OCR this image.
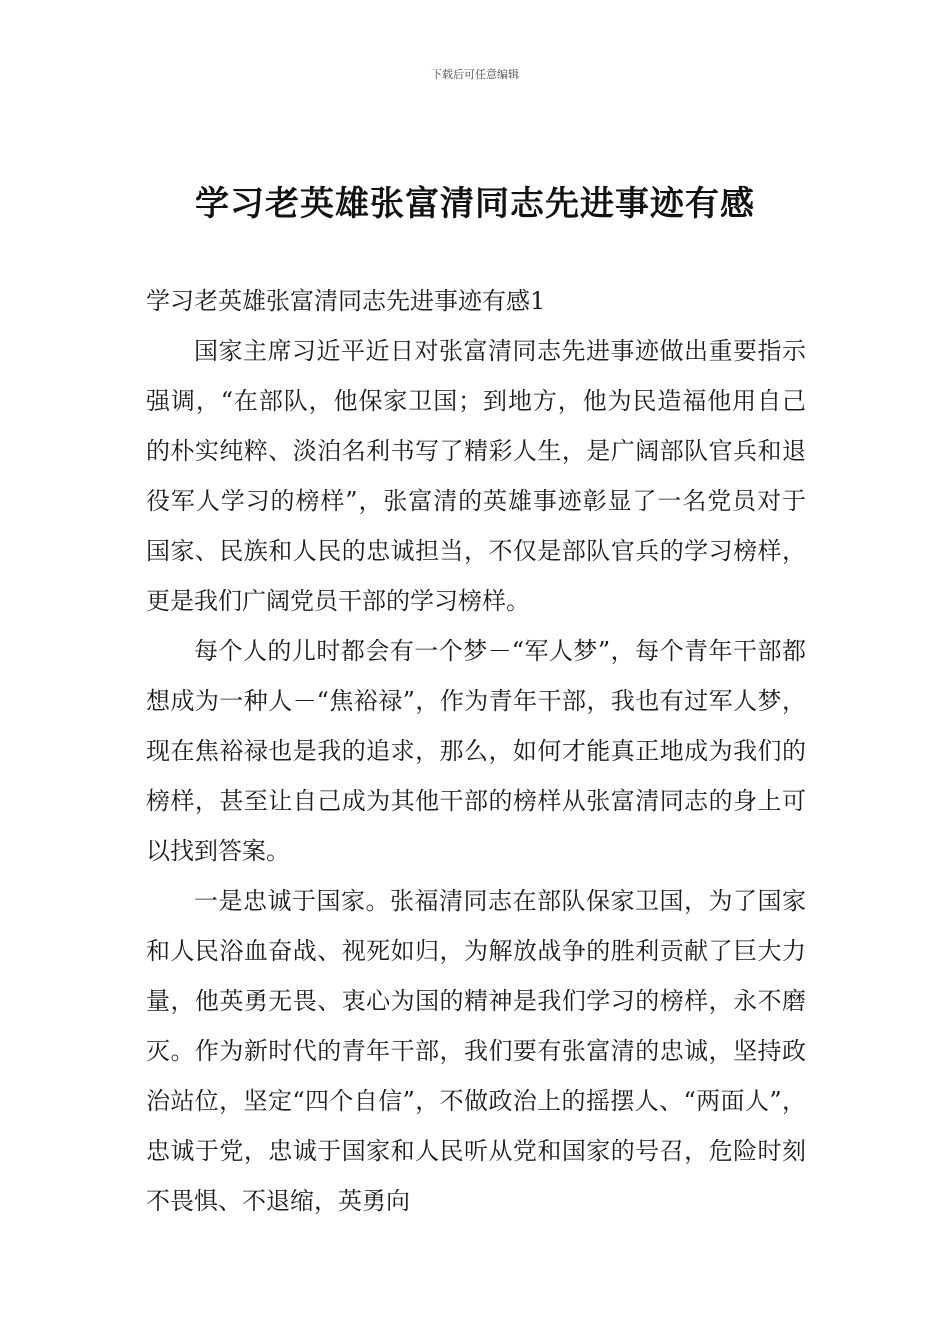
下载后可任意编辑
学习老英雄张富清同志先进事迹有感

学习老英雄张富清同志先进事迹有感1

国家主席习近平近日对张富清同志先进事迹做出重要指示强调，“在部队，他保家卫国；到地方，他为民造福他用自己的朴实纯粹、淡泊名利书写了精彩人生，是广阔部队官兵和退役军人学习的榜样”，张富清的英雄事迹彰显了一名党员对于国家、民族和人民的忠诚担当，不仅是部队官兵的学习榜样，更是我们广阔党员干部的学习榜样。

每个人的儿时都会有一个梦－“军人梦”，每个青年干部都想成为一种人－“焦裕禄”，作为青年干部，我也有过军人梦，现在焦裕禄也是我的追求，那么，如何才能真正地成为我们的榜样，甚至让自己成为其他干部的榜样从张富清同志的身上可以找到答案。

一是忠诚于国家。张福清同志在部队保家卫国，为了国家和人民浴血奋战、视死如归，为解放战争的胜利贡献了巨大力量，他英勇无畏、衷心为国的精神是我们学习的榜样，永不磨灭。作为新时代的青年干部，我们要有张富清的忠诚，坚持政治站位，坚定“四个自信”，不做政治上的摇摆人、“两面人”，忠诚于党，忠诚于国家和人民听从党和国家的号召，危险时刻不畏惧、不退缩，英勇向
